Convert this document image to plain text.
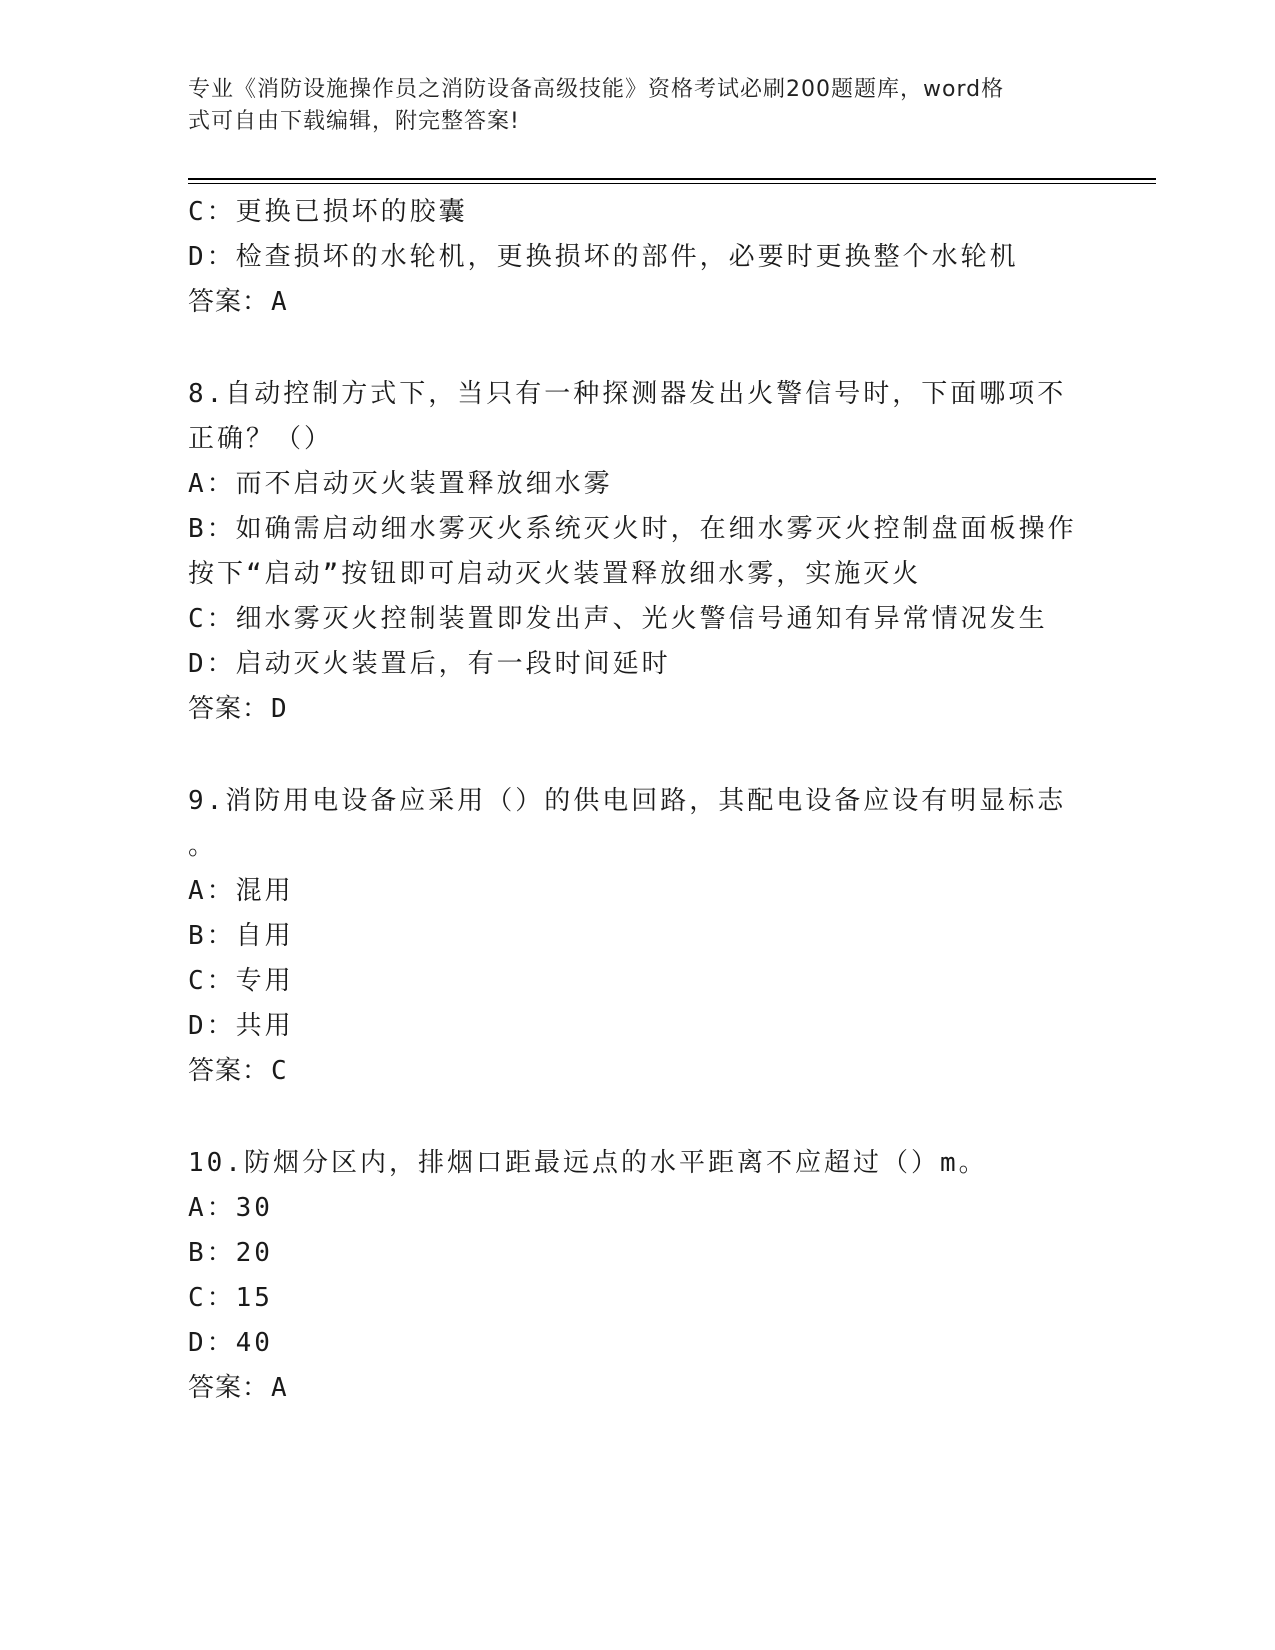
专业《消防设施操作员之消防设备高级技能》资格考试必刷200题题库，word格
式可自由下载编辑，附完整答案!
C：更换已损坏的胶囊
D：检查损坏的水轮机，更换损坏的部件，必要时更换整个水轮机
答案：A
8.自动控制方式下，当只有一种探测器发出火警信号时，下面哪项不
正确？（）
A：而不启动灭火装置释放细水雾
B：如确需启动细水雾灭火系统灭火时，在细水雾灭火控制盘面板操作
按下“启动”按钮即可启动灭火装置释放细水雾，实施灭火
C：细水雾灭火控制装置即发出声、光火警信号通知有异常情况发生
D：启动灭火装置后，有一段时间延时
答案：D
9.消防用电设备应采用（）的供电回路，其配电设备应设有明显标志
。
A：混用
B：自用
C：专用
D：共用
答案：C
10.防烟分区内，排烟口距最远点的水平距离不应超过（）m。
A：30
B：20
C：15
D：40
答案：A
